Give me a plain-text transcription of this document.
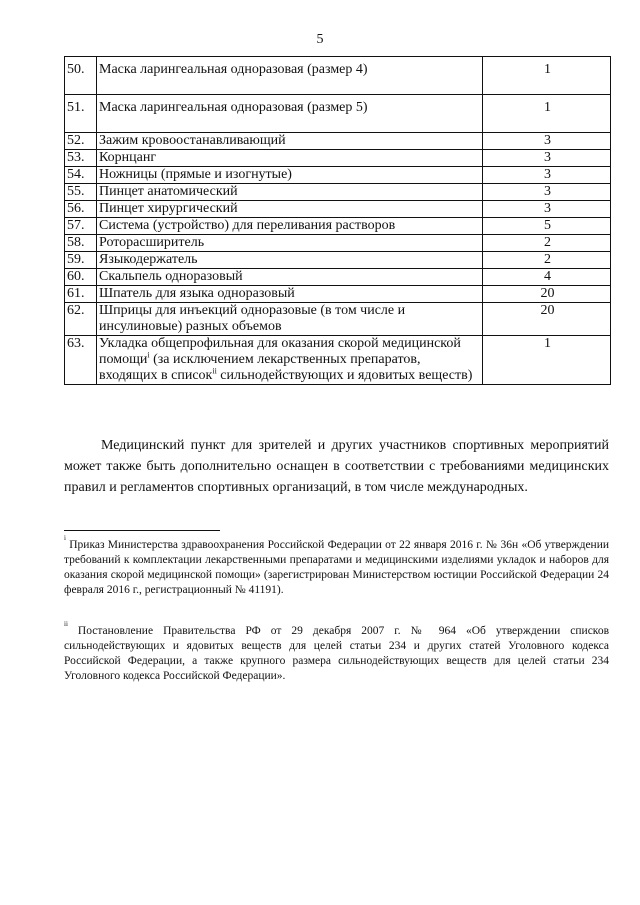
5
50.	Маска ларингеальная одноразовая (размер 4)	1
51.	Маска ларингеальная одноразовая (размер 5)	1
52.	Зажим кровоостанавливающий	3
53.	Корнцанг	3
54.	Ножницы (прямые и изогнутые)	3
55.	Пинцет анатомический	3
56.	Пинцет хирургический	3
57.	Система (устройство) для переливания растворов	5
58.	Роторасширитель	2
59.	Языкодержатель	2
60.	Скальпель одноразовый	4
61.	Шпатель для языка одноразовый	20
62.	Шприцы для инъекций одноразовые (в том числе и инсулиновые) разных объемов	20
63.	Укладка общепрофильная для оказания скорой медицинской помощи$^i$ (за исключением лекарственных препаратов, входящих в список$^{ii}$ сильнодействующих и ядовитых веществ)	1

Медицинский пункт для зрителей и других участников спортивных мероприятий может также быть дополнительно оснащен в соответствии с требованиями медицинских правил и регламентов спортивных организаций, в том числе международных.

$^i$ Приказ Министерства здравоохранения Российской Федерации от 22 января 2016 г. № 36н «Об утверждении требований к комплектации лекарственными препаратами и медицинскими изделиями укладок и наборов для оказания скорой медицинской помощи» (зарегистрирован Министерством юстиции Российской Федерации 24 февраля 2016 г., регистрационный № 41191).

$^{ii}$ Постановление Правительства РФ от 29 декабря 2007 г. № 964 «Об утверждении списков сильнодействующих и ядовитых веществ для целей статьи 234 и других статей Уголовного кодекса Российской Федерации, а также крупного размера сильнодействующих веществ для целей статьи 234 Уголовного кодекса Российской Федерации».
